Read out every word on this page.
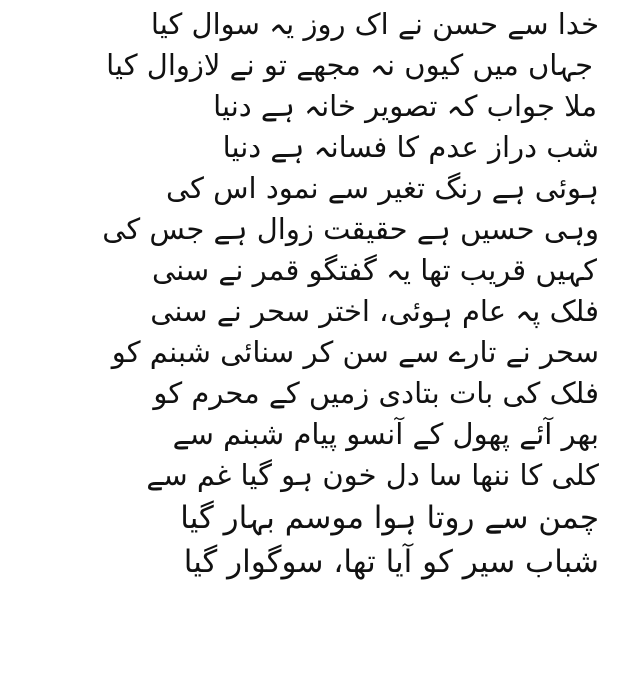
خدا سے حسن نے اک روز یہ سوال کیا
جہاں میں کیوں نہ مجھے تو نے لازوال کیا
ملا جواب کہ تصویر خانہ ہے دنیا
شب دراز عدم کا فسانہ ہے دنیا
ہوئی ہے رنگ تغیر سے نمود اس کی
وہی حسیں ہے حقیقت زوال ہے جس کی
کہیں قریب تھا یہ گفتگو قمر نے سنی
فلک پہ عام ہوئی، اختر سحر نے سنی
سحر نے تارے سے سن کر سنائی شبنم کو
فلک کی بات بتادی زمیں کے محرم کو
بھر آئے پھول کے آنسو پیام شبنم سے
کلی کا ننھا سا دل خون ہو گیا غم سے
چمن سے روتا ہوا موسم بہار گیا
شباب سیر کو آیا تھا، سوگوار گیا
